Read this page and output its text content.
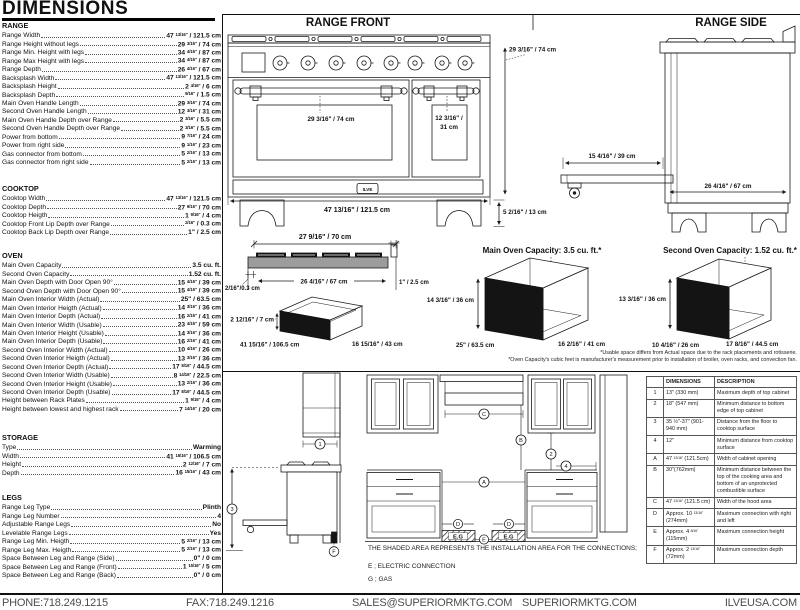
DIMENSIONS
RANGE
Range Width	47 $^{13/16"}$ / 121.5 cm
Range Height without legs	29 $^{3/16"}$ / 74 cm
Range Min. Height with legs	34 $^{4/16"}$ / 87 cm
Range Max Height with legs	34 $^{4/16"}$ / 87 cm
Range Depth	26 $^{4/16"}$ / 67 cm
Backsplash Width	47 $^{13/16"}$ / 121.5 cm
Backsplash Height	2 $^{4/16"}$ / 6 cm
Backsplash Depth	$^{9/16"}$ / 1.5 cm
Main Oven Handle Length	29 $^{3/16"}$ / 74 cm
Second Oven Handle Length	12 $^{3/16"}$ / 31 cm
Main Oven Handle Depth over Range	2 $^{3/16"}$ / 5.5 cm
Second Oven Handle Depth over Range	2 $^{3/16"}$ / 5.5 cm
Power from bottom	9 $^{7/16"}$ / 24 cm
Power from right side	9 $^{1/16"}$ / 23 cm
Gas connector from bottom	5 $^{2/16"}$ / 13 cm
Gas connector from right side	5 $^{2/16"}$ / 13 cm
COOKTOP
Cooktop Width	47 $^{13/16"}$ / 121.5 cm
Cooktop Depth	27 $^{9/16"}$ / 70 cm
Cooktop Heigth	1 $^{9/16"}$ / 4 cm
Cooktop Front Lip Depth over Range	$^{2/16"}$ / 0.3 cm
Cooktop Back Lip Depth over Range	1" / 2.5 cm
OVEN
Main Oven Capacity	3.5 cu. ft.
Second Oven Capacity	1.52 cu. ft.
Main Oven Depth with Door Open 90°	15 $^{4/16"}$ / 39 cm
Second Oven Depth with Door Open 90°	15 $^{4/16"}$ / 39 cm
Main Oven Interior Width (Actual)	25" / 63.5 cm
Main Oven Interior Heigth (Actual)	14 $^{3/16"}$ / 36 cm
Main Oven Interior Depth (Actual)	16 $^{2/16"}$ / 41 cm
Main Oven Interior Width (Usable)	23 $^{4/16"}$ / 59 cm
Main Oven Interior Height (Usable)	14 $^{3/16"}$ / 36 cm
Main Oven Interior Depth (Usable)	16 $^{2/16"}$ / 41 cm
Second Oven Interior Width (Actual)	10 $^{4/16"}$ / 26 cm
Second Oven Interior Heigth (Actual)	13 $^{3/16"}$ / 36 cm
Second Oven Interior Depth (Actual)	17 $^{8/16"}$ / 44.5 cm
Second Oven Interior Width (Usable)	8 $^{14/16"}$ / 22.5 cm
Second Oven Interior Height (Usable)	13 $^{2/16"}$ / 36 cm
Second Oven Interior Depth (Usable)	17 $^{8/16"}$ / 44.5 cm
Height between Rack Plates	1 $^{9/16"}$ / 4 cm
Height between lowest and highest rack	7 $^{14/16"}$ / 20 cm
STORAGE
Type	Warming
Width	41 $^{15/16"}$ / 106.5 cm
Height	2 $^{12/16"}$ / 7 cm
Depth	16 $^{15/16"}$ / 43 cm
LEGS
Range Leg Type	Plinth
Range Leg Number	4
Adjustable Range Legs	No
Levelable Range Legs	Yes
Range Leg Min. Heigth	5 $^{2/16"}$ / 13 cm
Range Leg Max. Heigth	5 $^{2/16"}$ / 13 cm
Space Between Leg and Range (Side)	0" / 0 cm
Space Between Leg and Range (Front)	1 $^{15/16"}$ / 5 cm
Space Between Leg and Range (Back)	0" / 0 cm
RANGE FRONT	RANGE SIDE
29 3/16" / 74 cm	12 3/16" /
31 cm
47 13/16" / 121.5 cm
29 3/16" / 74 cm
5 2/16" / 13 cm
ILVE
15 4/16" / 39 cm
26 4/16" / 67 cm
27 9/16" / 70 cm
26 4/16" / 67 cm	1" / 2.5 cm
2/16"/0.3 cm
2 12/16" / 7 cm
41 15/16" / 106.5 cm	16 15/16" / 43 cm
Main Oven Capacity: 3.5 cu. ft.*	Second Oven Capacity: 1.52 cu. ft.*
14 3/16" / 36 cm
25" / 63.5 cm	16 2/16" / 41 cm
13 3/16" / 36 cm
10 4/16" / 26 cm	17 8/16" / 44.5 cm
*Usable space differs from Actual space due to the rack placements and rotisserie.
*Oven Capacity's cubic feet is manufacturer's measurement prior to installation of broiler, oven racks, and convection fan.
1
3
F
C
B
2
4
A
D	D
E
E.G	E.G
THE SHADED AREA REPRESENTS THE INSTALLATION AREA FOR THE CONNECTIONS;
E ; ELECTRIC CONNECTION
G ; GAS
	DIMENSIONS	DESCRIPTION
1	13" (330 mm)	Maximum depth of top cabinet
2	18" (547 mm)	Minimum distance to bottom edge of top cabinet
3	35 ½"-37" (901-940 mm)	Distance from the floor to cooktop surface
4	12"	Minimum distance from cooktop surface
A	47 $^{13/16"}$ (121.5cm)	Width of cabinet opening
B	30"(762mm)	Minimum distance between the top of the cooking area and bottom of an unprotected combustible surface
C	47 $^{13/16"}$ (121.5 cm)	Width of the hood area
D	Approx. 10 $^{13/16"}$ (274mm)	Maximum connection with right and left
E	Approx. 4 $^{8/16"}$ (115mm)	Maximum connection height
F	Approx. 2 $^{13/16"}$ (72mm)	Maximum connection depth
PHONE:718.249.1215	FAX:718.249.1216	SALES@SUPERIORMKTG.COM SUPERIORMKTG.COM	ILVEUSA.COM
